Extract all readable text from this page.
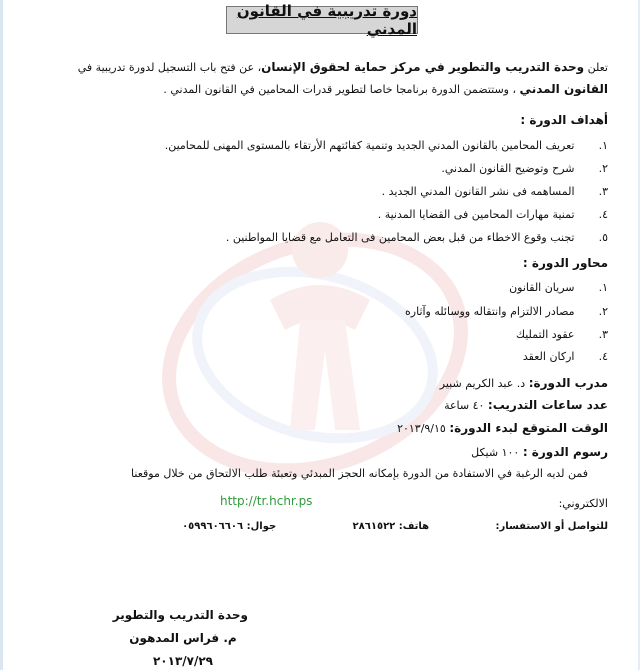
دورة تدريبية في القانون المدني
تعلن وحدة التدريب والتطوير في مركز حماية لحقوق الإنسان، عن فتح باب التسجيل لدورة تدريبية في
القانون المدني ، وستتضمن الدورة برنامجا خاصا لتطوير قدرات المحامين في القانون المدني .
أهداف الدورة :
١. تعريف المحامين بالقانون المدني الجديد وتنمية كفائتهم الأرتقاء بالمستوى المهنى للمحامين.
٢. شرح وتوضيح القانون المدني.
٣. المساهمه فى نشر القانون المدني الجديد .
٤. تمنية مهارات المحامين فى القضايا المدنية .
٥. تجنب وقوع الاخطاء من قبل بعض المحامين فى التعامل مع قضايا المواطنين .
محاور الدورة :
١. سريان القانون
٢. مصادر الالتزام وانتقاله ووسائله وآثاره
٣. عقود التمليك
٤. اركان العقد
مدرب الدورة: د. عبد الكريم شبير
عدد ساعات التدريب: ٤٠ ساعة
الوقت المتوقع لبدء الدورة: ٢٠١٣/٩/١٥
رسوم الدورة : ١٠٠ شيكل
فمن لديه الرغبة في الاستفادة من الدورة بإمكانه الحجز المبدئي وتعبئة طلب الالتحاق من خلال موقعنا
الالكتروني:
http://tr.hchr.ps
للتواصل أو الاستفسار:  هاتف: ٢٨٦١٥٢٢  جوال: ٠٥٩٩٦٠٦٦٠٦
وحدة التدريب والتطوير
م. فراس المدهون
٢٠١٣/٧/٢٩
